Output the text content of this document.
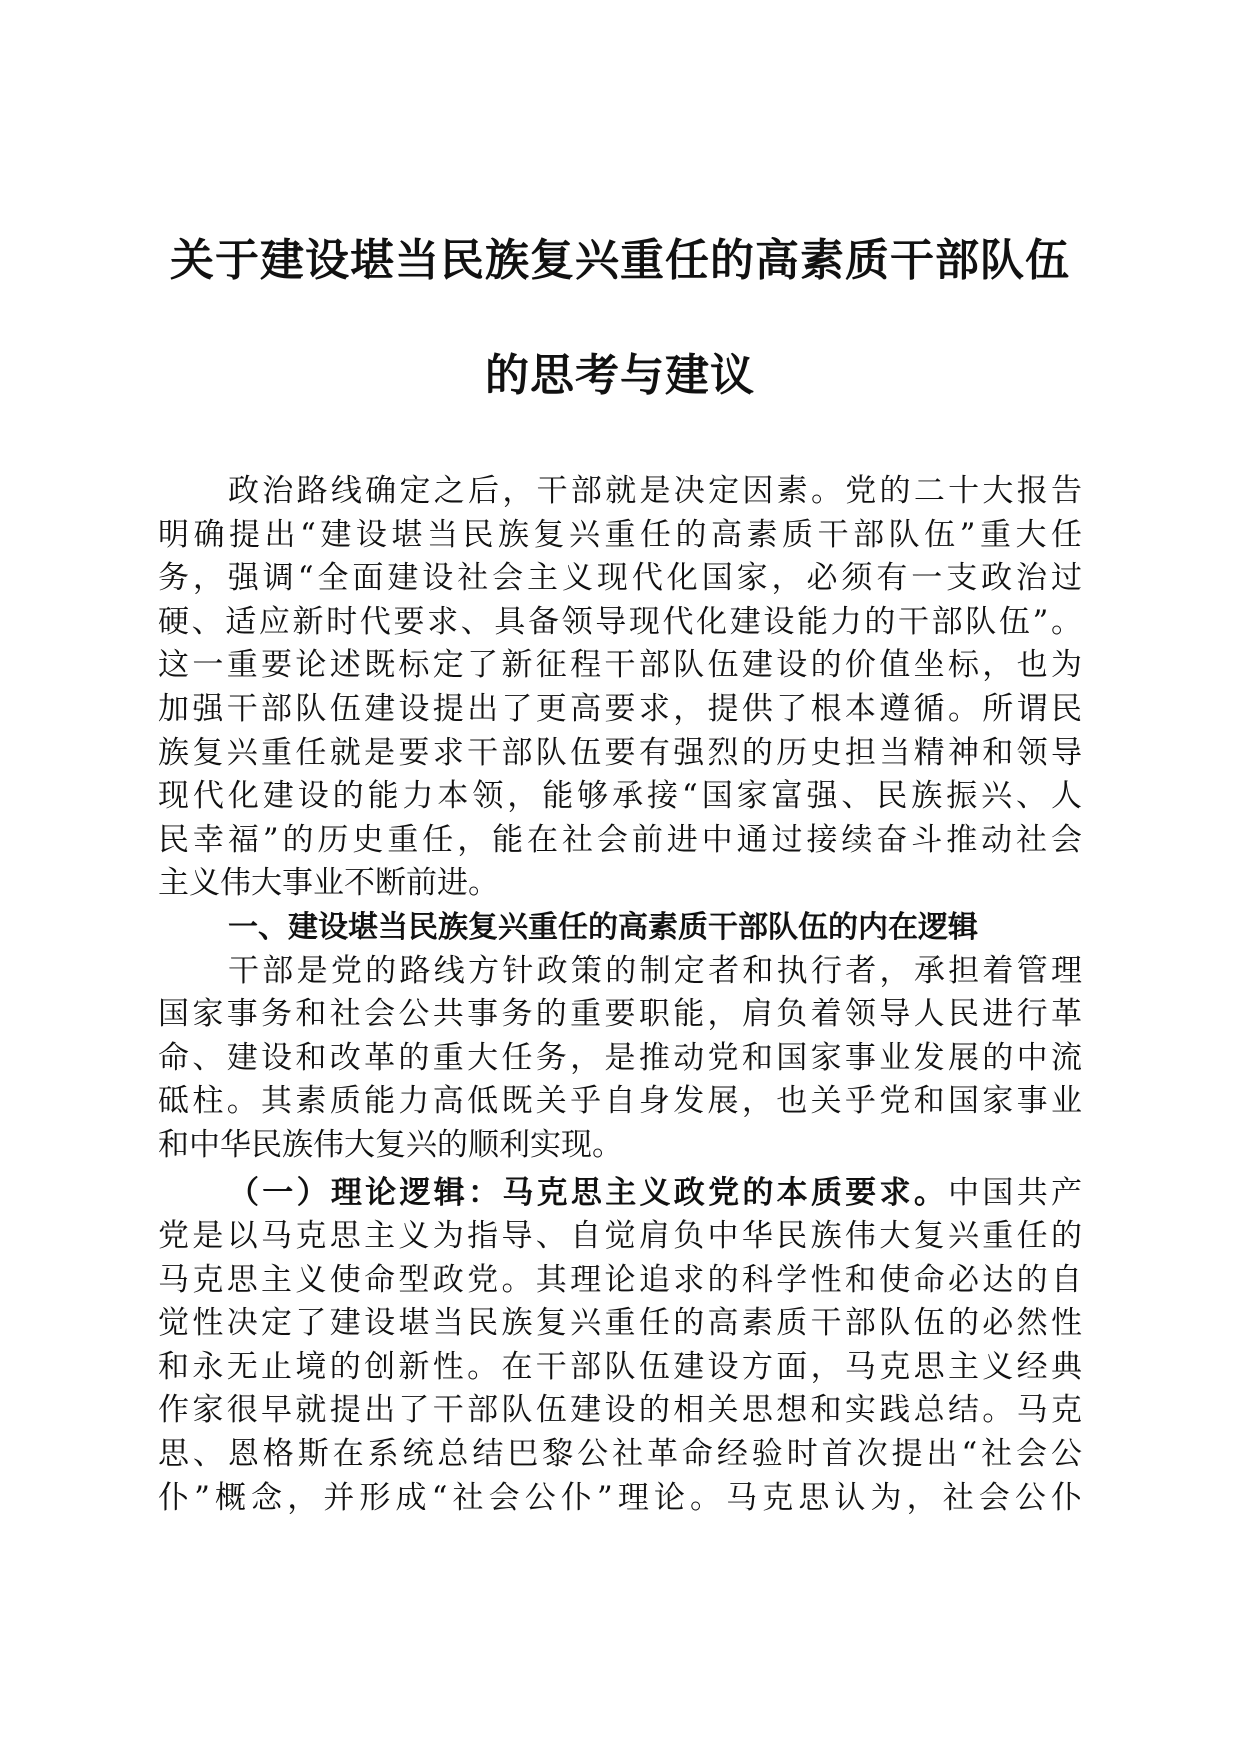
关于建设堪当民族复兴重任的高素质干部队伍
的思考与建议
政治路线确定之后，干部就是决定因素。党的二十大报告
明确提出“建设堪当民族复兴重任的高素质干部队伍”重大任
务，强调“全面建设社会主义现代化国家，必须有一支政治过
硬、适应新时代要求、具备领导现代化建设能力的干部队伍”。
这一重要论述既标定了新征程干部队伍建设的价值坐标，也为
加强干部队伍建设提出了更高要求，提供了根本遵循。所谓民
族复兴重任就是要求干部队伍要有强烈的历史担当精神和领导
现代化建设的能力本领，能够承接“国家富强、民族振兴、人
民幸福”的历史重任，能在社会前进中通过接续奋斗推动社会
主义伟大事业不断前进。
一、建设堪当民族复兴重任的高素质干部队伍的内在逻辑
干部是党的路线方针政策的制定者和执行者，承担着管理
国家事务和社会公共事务的重要职能，肩负着领导人民进行革
命、建设和改革的重大任务，是推动党和国家事业发展的中流
砥柱。其素质能力高低既关乎自身发展，也关乎党和国家事业
和中华民族伟大复兴的顺利实现。
（一）理论逻辑：马克思主义政党的本质要求。中国共产
党是以马克思主义为指导、自觉肩负中华民族伟大复兴重任的
马克思主义使命型政党。其理论追求的科学性和使命必达的自
觉性决定了建设堪当民族复兴重任的高素质干部队伍的必然性
和永无止境的创新性。在干部队伍建设方面，马克思主义经典
作家很早就提出了干部队伍建设的相关思想和实践总结。马克
思、恩格斯在系统总结巴黎公社革命经验时首次提出“社会公
仆”概念，并形成“社会公仆”理论。马克思认为，社会公仆
